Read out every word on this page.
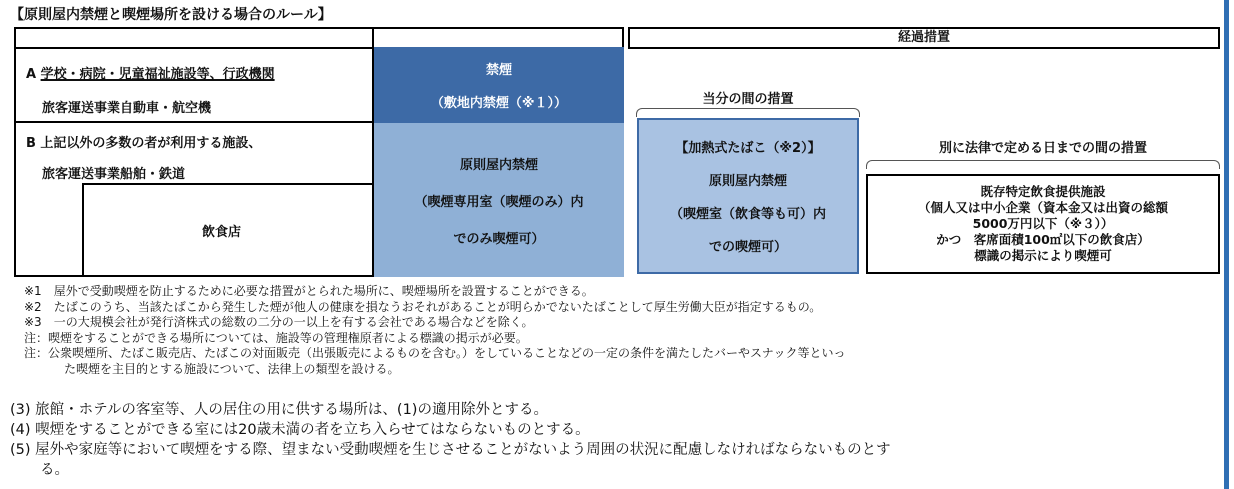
【原則屋内禁煙と喫煙場所を設ける場合のルール】
経過措置
A 学校・病院・児童福祉施設等、行政機関
旅客運送事業自動車・航空機
禁煙
（敷地内禁煙（※１））
B 上記以外の多数の者が利用する施設、
旅客運送事業船舶・鉄道
飲食店
原則屋内禁煙
（喫煙専用室（喫煙のみ）内
でのみ喫煙可）
当分の間の措置
【加熱式たばこ（※2）】
原則屋内禁煙
（喫煙室（飲食等も可）内
での喫煙可）
別に法律で定める日までの間の措置
既存特定飲食提供施設
（個人又は中小企業（資本金又は出資の総額
5000万円以下（※３））
かつ　客席面積100㎡以下の飲食店）
標識の掲示により喫煙可
※1　屋外で受動喫煙を防止するために必要な措置がとられた場所に、喫煙場所を設置することができる。
※2　たばこのうち、当該たばこから発生した煙が他人の健康を損なうおそれがあることが明らかでないたばことして厚生労働大臣が指定するもの。
※3　一の大規模会社が発行済株式の総数の二分の一以上を有する会社である場合などを除く。
注：喫煙をすることができる場所については、施設等の管理権原者による標識の掲示が必要。
注：公衆喫煙所、たばこ販売店、たばこの対面販売（出張販売によるものを含む。）をしていることなどの一定の条件を満たしたバーやスナック等といっ
た喫煙を主目的とする施設について、法律上の類型を設ける。
(3) 旅館・ホテルの客室等、人の居住の用に供する場所は、(1)の適用除外とする。
(4) 喫煙をすることができる室には20歳未満の者を立ち入らせてはならないものとする。
(5) 屋外や家庭等において喫煙をする際、望まない受動喫煙を生じさせることがないよう周囲の状況に配慮しなければならないものとす
る。
